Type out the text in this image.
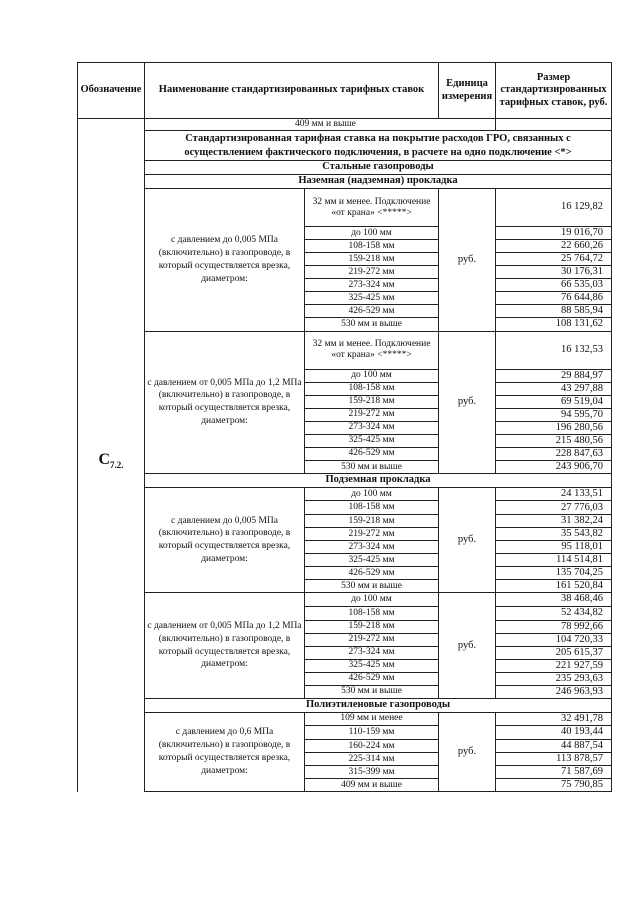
Обозначение	Наименование стандартизированных тарифных ставок		Единица измерения	Размер стандартизированных тарифных ставок, руб.
	409 мм и выше			
$С_{7.2.}$	Стандартизированная тарифная ставка на покрытие расходов ГРО, связанных с осуществлением фактического подключения, в расчете на одно подключение <*>			
	Стальные газопроводы			
	Наземная (надземная) прокладка			
	с давлением до 0,005 МПа (включительно) в газопроводе, в который осуществляется врезка, диаметром:	32 мм и менее. Подключение «от крана» <*****>	руб.	16 129,82
		до 100 мм		19 016,70
		108-158 мм		22 660,26
		159-218 мм		25 764,72
		219-272 мм		30 176,31
		273-324 мм		66 535,03
		325-425 мм		76 644,86
		426-529 мм		88 585,94
		530 мм и выше		108 131,62
	с давлением от 0,005 МПа до 1,2 МПа (включительно) в газопроводе, в который осуществляется врезка, диаметром:	32 мм и менее. Подключение «от крана» <*****>	руб.	16 132,53
		до 100 мм		29 884,97
		108-158 мм		43 297,88
		159-218 мм		69 519,04
		219-272 мм		94 595,70
		273-324 мм		196 280,56
		325-425 мм		215 480,56
		426-529 мм		228 847,63
		530 мм и выше		243 906,70
	Подземная прокладка			
	с давлением до 0,005 МПа (включительно) в газопроводе, в который осуществляется врезка, диаметром:	до 100 мм	руб.	24 133,51
		108-158 мм		27 776,03
		159-218 мм		31 382,24
		219-272 мм		35 543,82
		273-324 мм		95 118,01
		325-425 мм		114 514,81
		426-529 мм		135 704,25
		530 мм и выше		161 520,84
	с давлением от 0,005 МПа до 1,2 МПа (включительно) в газопроводе, в который осуществляется врезка, диаметром:	до 100 мм	руб.	38 468,46
		108-158 мм		52 434,82
		159-218 мм		78 992,66
		219-272 мм		104 720,33
		273-324 мм		205 615,37
		325-425 мм		221 927,59
		426-529 мм		235 293,63
		530 мм и выше		246 963,93
	Полиэтиленовые газопроводы			
	с давлением до 0,6 МПа (включительно) в газопроводе, в который осуществляется врезка, диаметром:	109 мм и менее	руб.	32 491,78
		110-159 мм		40 193,44
		160-224 мм		44 887,54
		225-314 мм		113 878,57
		315-399 мм		71 587,69
		409 мм и выше		75 790,85
